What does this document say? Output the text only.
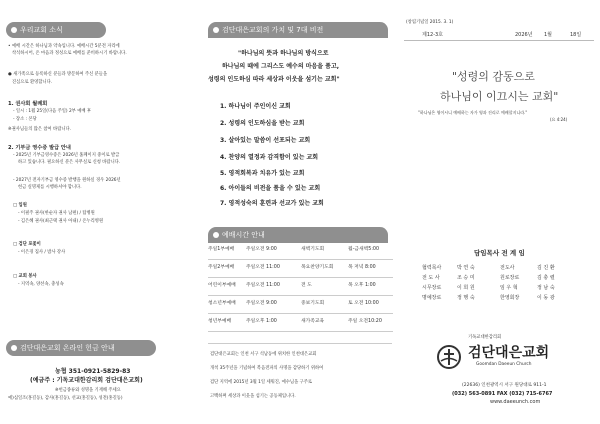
우리교회 소식
• 예배 시간은 하나님과 약속입니다. 예배시간 5분전 자리에
착석하시어, 온 마음과 정성으로 예배를 준비하시기 바랍니다.
● 새가족으로 등록하신 분들과 방문하여 주신 분들을
진심으로 환영합니다.
1. 권사회 월례회
- 일시 : 1월 25일(다음 주일) 2부 예배 후
- 장소 : 본당
※권사님들의 많은 참여 바랍니다.
2. 기부금 영수증 발급 안내
- 2025년 기부금영수증은 2026년 홈페이지 중이로 발급
하고 있습니다. 필요하신 분은 사무실로 신청 바랍니다.
- 2027년 전자기부금 영수증 발행을 원하실 경우 2026년
헌금 실명제를 시행하셔야 합니다.
□ 입원
- 이필주 권사(한순자 권사 남편) / 탑병원
- 김은혜 권사(최근택 권사 아내) / 온누리병원
□ 검단 포꽃이
- 이은경 집사 / 밤사 강사
□ 교회 봉사
- 지역속, 양선속, 충성속
검단대은교회 온라인 헌금 안내
농협 351-0921-5829-83
(예금주 : 기독교대한감리회 검단대은교회)
※헌금종류와 성명을 기재해 주세요
예)십일조(홍길동), 감사(홍길동), 선교(홍길동), 성전(홍길동)
검단대은교회의 가치 및 7대 비전
"하나님의 뜻과 하나님의 방식으로
하나님의 때에 그리스도 예수의 마음을 품고,
성령의 인도하심 따라 세상과 이웃을 섬기는 교회"
1. 하나님이 주인이신 교회
2. 성령의 인도하심을 받는 교회
3. 살아있는 말씀이 선포되는 교회
4. 찬양의 열정과 감격함이 있는 교회
5. 영적회복과 치유가 있는 교회
6. 아이들의 비전을 품을 수 있는 교회
7. 영적성숙의 훈련과 선교가 있는 교회
예배시간 안내
주일1부예배 주일오전 9:00	새벽기도회	월-금새벽5:00
주일2부예배 주일오전 11:00	목요찬양기도회	목 저녁 8:00
어린이부예배 주일오전 11:00	전 도	목 오후 1:00
청소년부예배 주일오전 9:00	중보기도회	토 오전 10:00
청년부예배	주일오후 1:00	새가족교육	주일 오전10:20
검단대은교회는 인천 서구 석남동에 위치한 인천대은교회
개척 35주년을 기념하여 복음전파의 사명을 감당하기 위하여
검단 지역에 2015년 3월 1일 세워진, 예수님을 구주로
고백하며 세상과 이웃을 섬기는 공동체입니다.
(창립기념일 2015. 3. 1)
제12-3호	2026년 1월	18일
"성령의 감동으로
하나님이 이끄시는 교회"
"하나님은 영이시니 예배하는 자가 영과 진리로 예배할지니라."
(요 4:24)
담임목사 전 계 임
협력목사	박 연 숙	전도사	김 진 환
전 도 사	조 승 미	원로장로	김 충 렬
시무장로	이 희 원	임 우 혁	정 남 숙
명예장로	정 행 숙	한영회장	이 동 광
기독교대한감리회
검단대은교회
Goomdan Daeeun Church
(22636) 인천광역시 서구 원당대로 911-1
(032) 563-0891 FAX (032) 715-6767
www.daeeunch.com
